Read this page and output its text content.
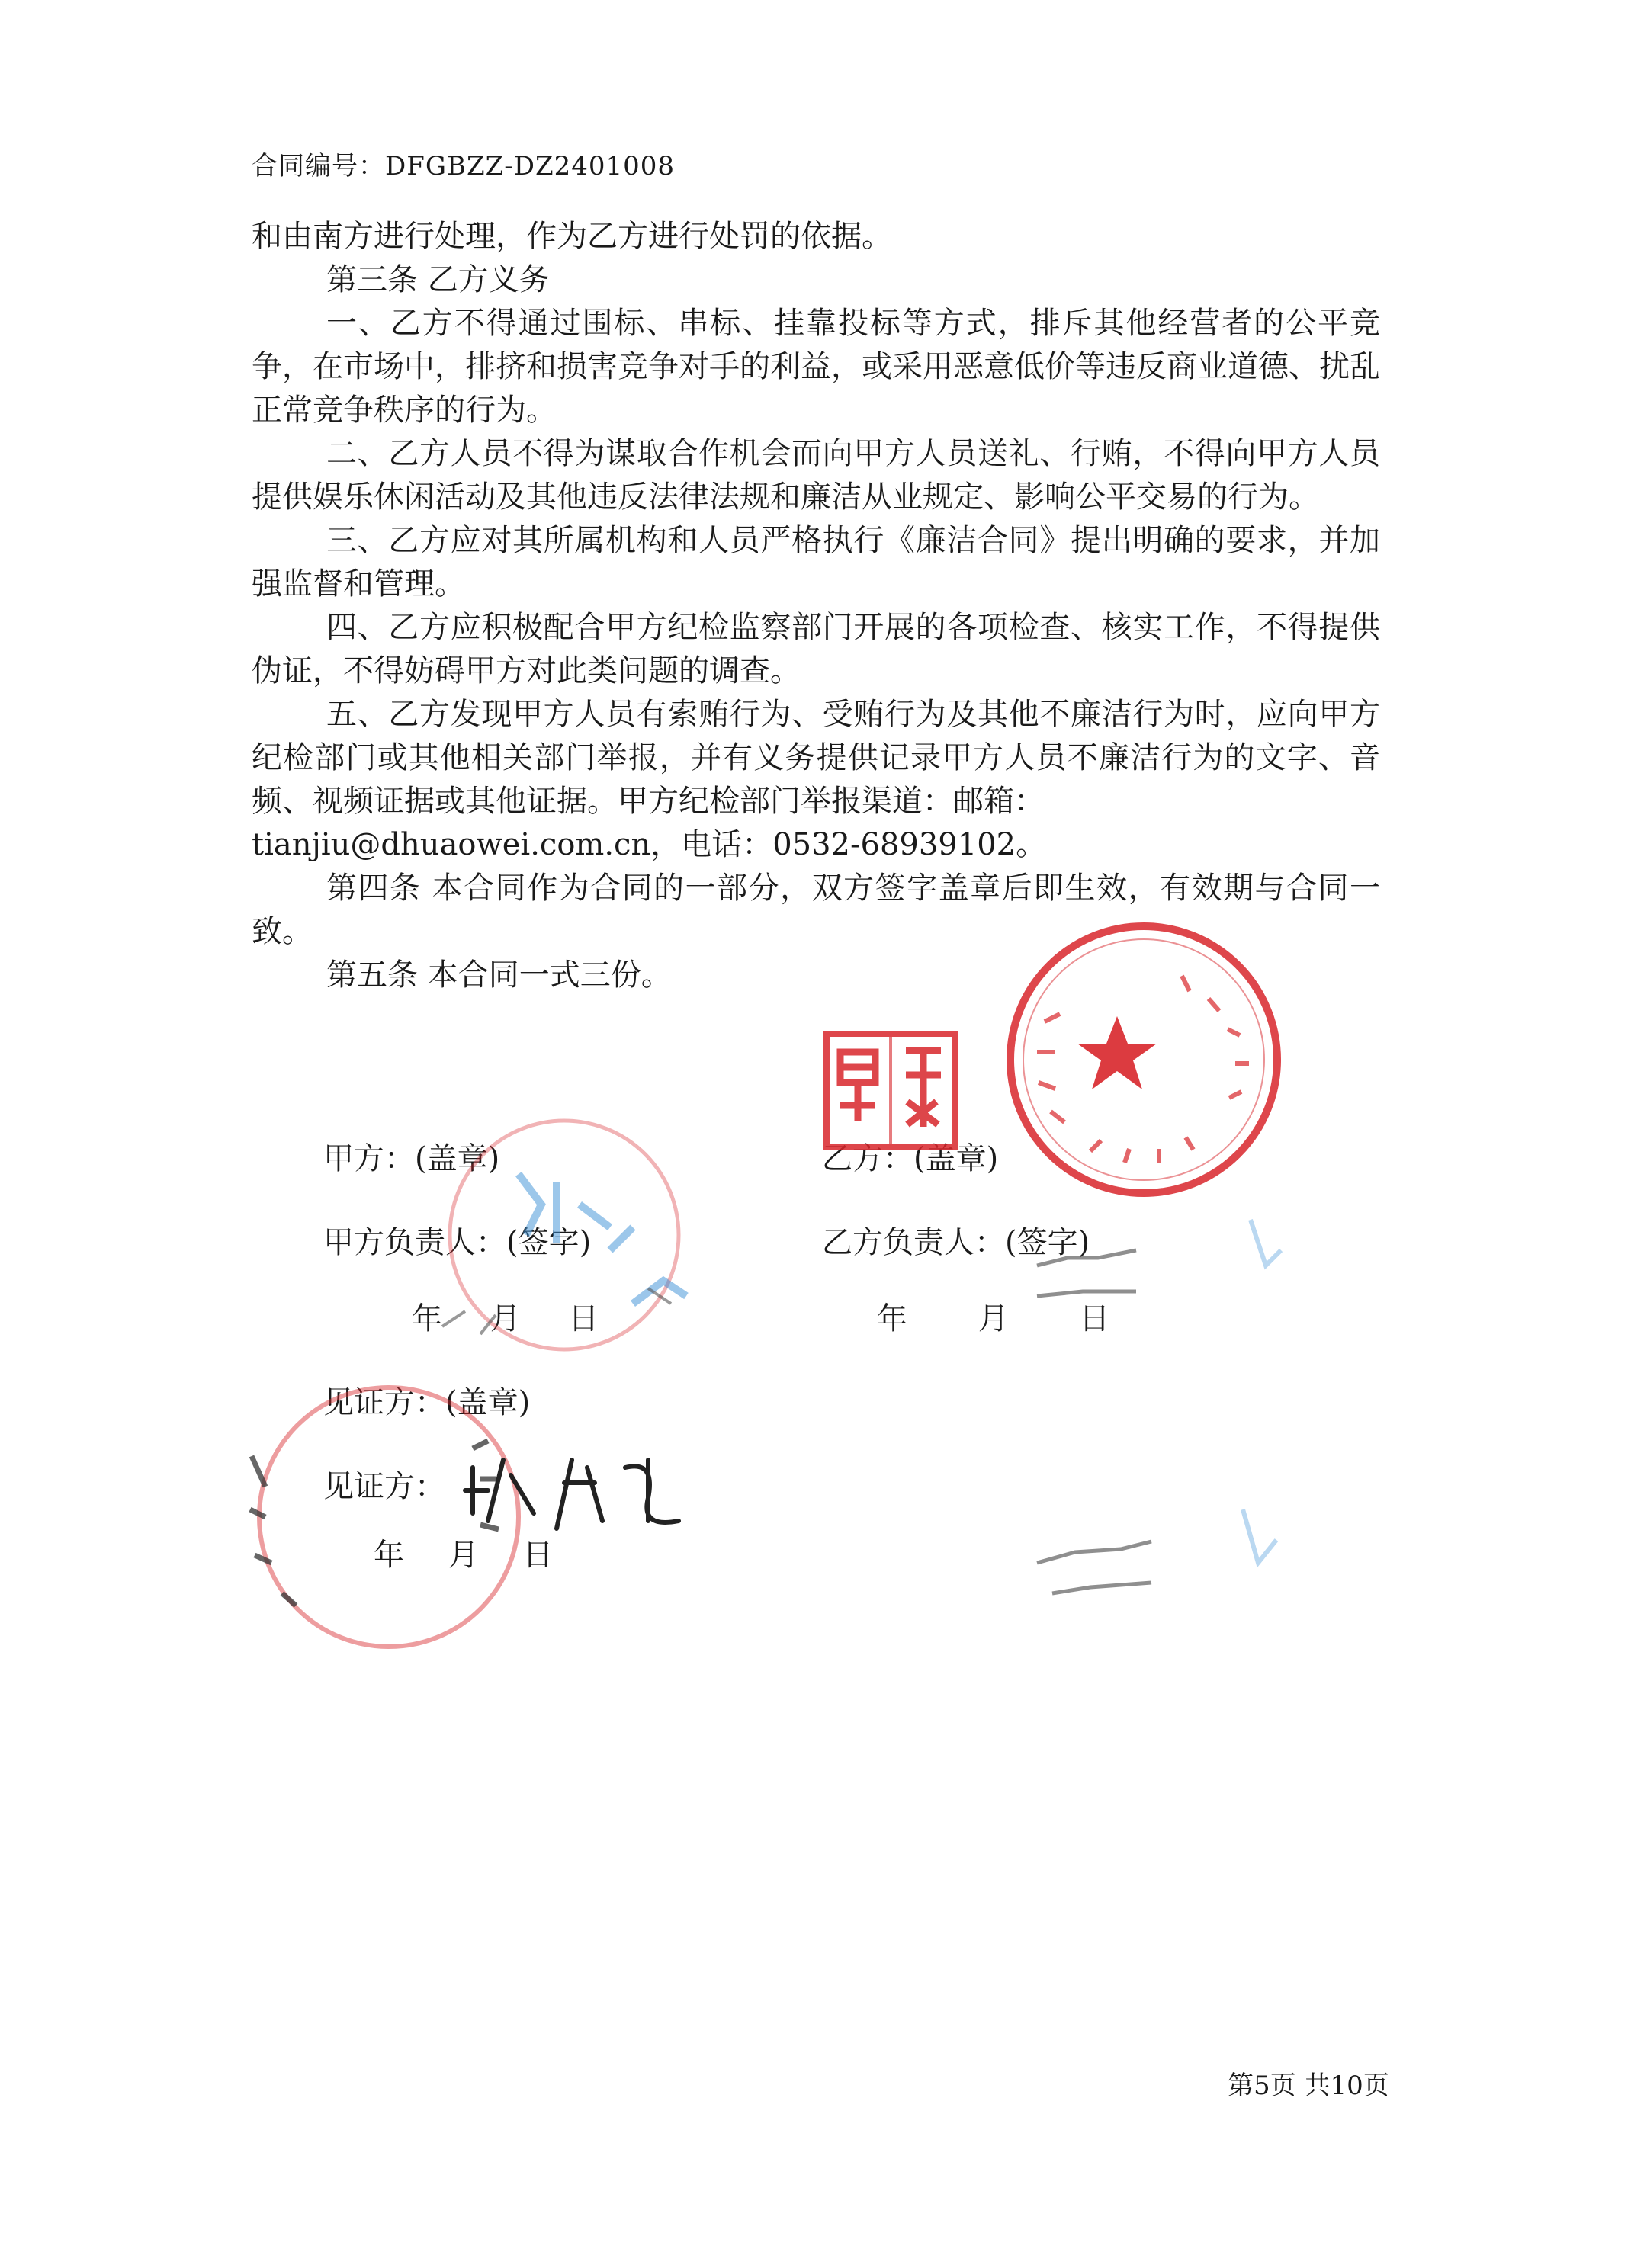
合同编号：DFGBZZ-DZ2401008

和由南方进行处理，作为乙方进行处罚的依据。

第三条 乙方义务

一、乙方不得通过围标、串标、挂靠投标等方式，排斥其他经营者的公平竞争，在市场中，排挤和损害竞争对手的利益，或采用恶意低价等违反商业道德、扰乱正常竞争秩序的行为。

二、乙方人员不得为谋取合作机会而向甲方人员送礼、行贿，不得向甲方人员提供娱乐休闲活动及其他违反法律法规和廉洁从业规定、影响公平交易的行为。

三、乙方应对其所属机构和人员严格执行《廉洁合同》提出明确的要求，并加强监督和管理。

四、乙方应积极配合甲方纪检监察部门开展的各项检查、核实工作，不得提供伪证，不得妨碍甲方对此类问题的调查。

五、乙方发现甲方人员有索贿行为、受贿行为及其他不廉洁行为时，应向甲方纪检部门或其他相关部门举报，并有义务提供记录甲方人员不廉洁行为的文字、音频、视频证据或其他证据。甲方纪检部门举报渠道：邮箱：

tianjiu@dhuaowei.com.cn，电话：0532-68939102。

第四条 本合同作为合同的一部分，双方签字盖章后即生效，有效期与合同一致。

第五条 本合同一式三份。

甲方：(盖章)	乙方：(盖章)
甲方负责人：(签字)	乙方负责人：(签字)
年 月 日	年 月 日
见证方：(盖章)
见证方：
年 月 日
第5页 共10页
